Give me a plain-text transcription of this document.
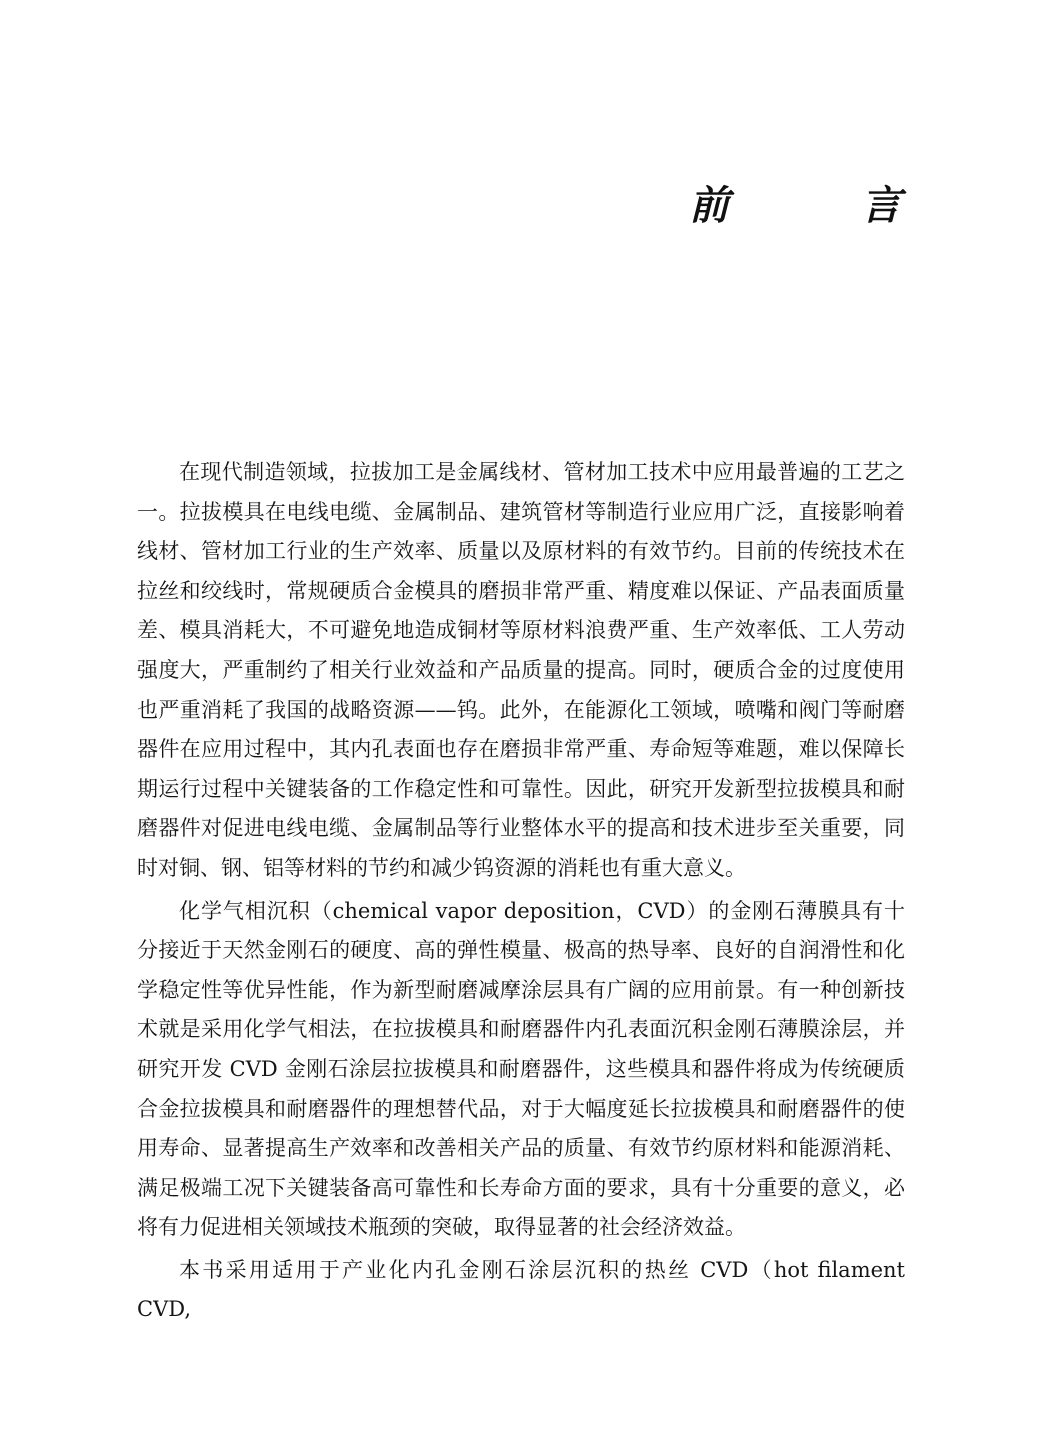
前　言

在现代制造领域，拉拔加工是金属线材、管材加工技术中应用最普遍的工艺之一。拉拔模具在电线电缆、金属制品、建筑管材等制造行业应用广泛，直接影响着线材、管材加工行业的生产效率、质量以及原材料的有效节约。目前的传统技术在拉丝和绞线时，常规硬质合金模具的磨损非常严重、精度难以保证、产品表面质量差、模具消耗大，不可避免地造成铜材等原材料浪费严重、生产效率低、工人劳动强度大，严重制约了相关行业效益和产品质量的提高。同时，硬质合金的过度使用也严重消耗了我国的战略资源——钨。此外，在能源化工领域，喷嘴和阀门等耐磨器件在应用过程中，其内孔表面也存在磨损非常严重、寿命短等难题，难以保障长期运行过程中关键装备的工作稳定性和可靠性。因此，研究开发新型拉拔模具和耐磨器件对促进电线电缆、金属制品等行业整体水平的提高和技术进步至关重要，同时对铜、钢、铝等材料的节约和减少钨资源的消耗也有重大意义。

化学气相沉积（chemical vapor deposition，CVD）的金刚石薄膜具有十分接近于天然金刚石的硬度、高的弹性模量、极高的热导率、良好的自润滑性和化学稳定性等优异性能，作为新型耐磨减摩涂层具有广阔的应用前景。有一种创新技术就是采用化学气相法，在拉拔模具和耐磨器件内孔表面沉积金刚石薄膜涂层，并研究开发 CVD 金刚石涂层拉拔模具和耐磨器件，这些模具和器件将成为传统硬质合金拉拔模具和耐磨器件的理想替代品，对于大幅度延长拉拔模具和耐磨器件的使用寿命、显著提高生产效率和改善相关产品的质量、有效节约原材料和能源消耗、满足极端工况下关键装备高可靠性和长寿命方面的要求，具有十分重要的意义，必将有力促进相关领域技术瓶颈的突破，取得显著的社会经济效益。

本书采用适用于产业化内孔金刚石涂层沉积的热丝 CVD（hot filament CVD,
